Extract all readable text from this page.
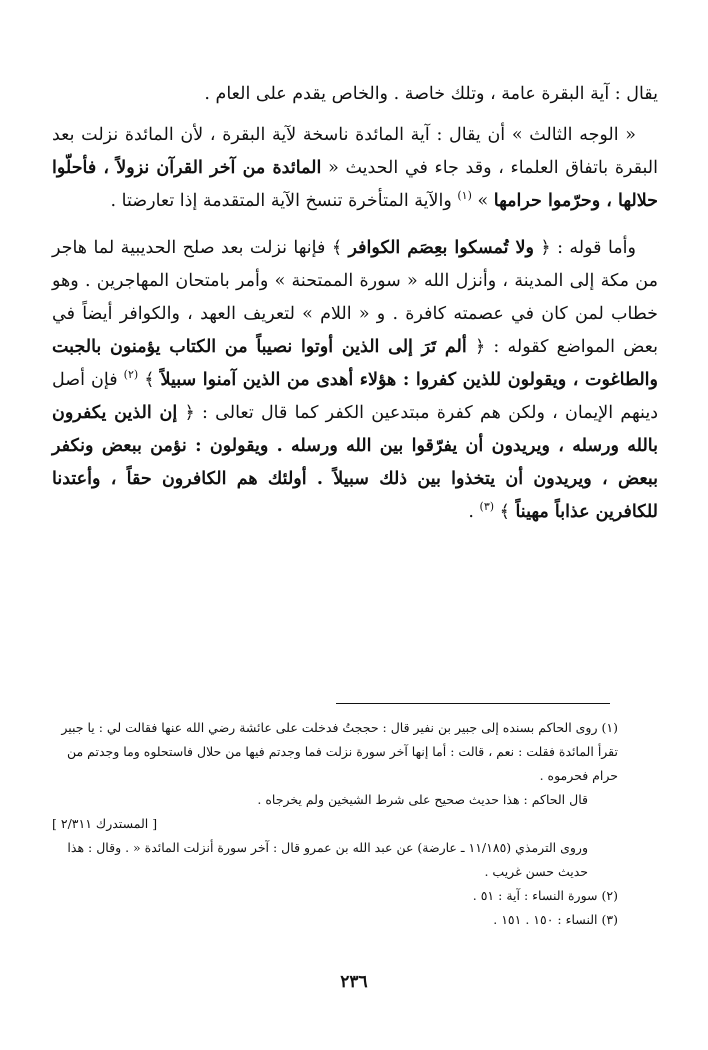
يقال : آية البقرة عامة ، وتلك خاصة . والخاص يقدم على العام .

« الوجه الثالث » أن يقال : آية المائدة ناسخة لآية البقرة ، لأن المائدة نزلت بعد البقرة باتفاق العلماء ، وقد جاء في الحديث « المائدة من آخر القرآن نزولاً ، فأحلّوا حلالها ، وحرّموا حرامها » $^{(١)}$ والآية المتأخرة تنسخ الآية المتقدمة إذا تعارضتا .

وأما قوله : ﴿ ولا تُمسكوا بعِصَم الكوافر ﴾ فإنها نزلت بعد صلح الحديبية لما هاجر من مكة إلى المدينة ، وأنزل الله « سورة الممتحنة » وأمر بامتحان المهاجرين . وهو خطاب لمن كان في عصمته كافرة . و « اللام » لتعريف العهد ، والكوافر أيضاً في بعض المواضع كقوله : ﴿ ألم تَرَ إلى الذين أوتوا نصيباً من الكتاب يؤمنون بالجبت والطاغوت ، ويقولون للذين كفروا : هؤلاء أهدى من الذين آمنوا سبيلاً ﴾ $^{(٢)}$ فإن أصل دينهم الإيمان ، ولكن هم كفرة مبتدعين الكفر كما قال تعالى : ﴿ إن الذين يكفرون بالله ورسله ، ويريدون أن يفرّقوا بين الله ورسله . ويقولون : نؤمن ببعض ونكفر ببعض ، ويريدون أن يتخذوا بين ذلك سبيلاً . أولئك هم الكافرون حقاً ، وأعتدنا للكافرين عذاباً مهيناً ﴾ $^{(٣)}$ .

(١) روى الحاكم بسنده إلى جبير بن نفير قال : حججتُ فدخلت على عائشة رضي الله عنها فقالت لي : يا جبير تقرأ المائدة فقلت : نعم ، قالت : أما إنها آخر سورة نزلت فما وجدتم فيها من حلال فاستحلوه وما وجدتم من حرام فحرموه .

قال الحاكم : هذا حديث صحيح على شرط الشيخين ولم يخرجاه .

[ المستدرك ٢/٣١١ ]

وروى الترمذي (١١/١٨٥ ـ عارضة) عن عبد الله بن عمرو قال : آخر سورة أنزلت المائدة « . وقال : هذا حديث حسن غريب .

(٢) سورة النساء : آية : ٥١ .

(٣) النساء : ١٥٠ . ١٥١ .

٢٣٦
